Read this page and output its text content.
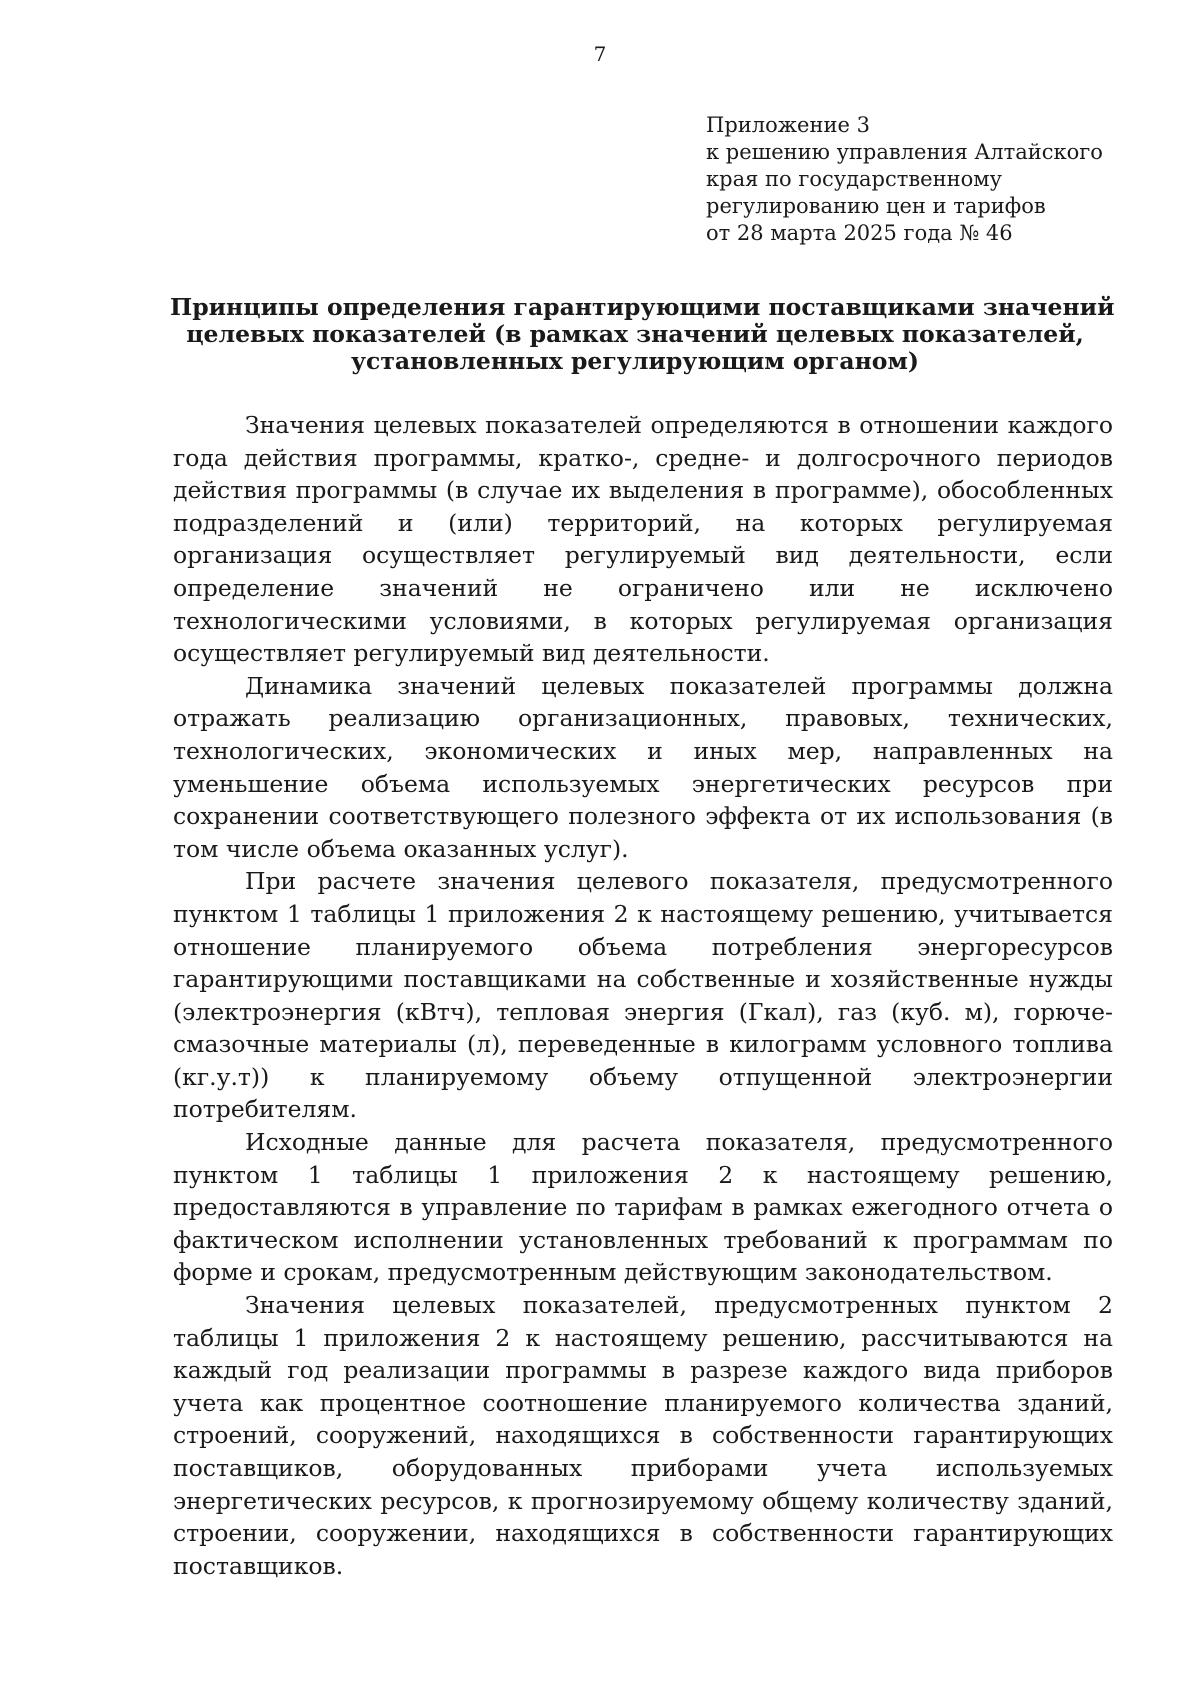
7
Приложение 3
к решению управления Алтайского
края по государственному
регулированию цен и тарифов
от 28 марта 2025 года № 46
Принципы определения гарантирующими поставщиками значений
целевых показателей (в рамках значений целевых показателей,
установленных регулирующим органом)

Значения целевых показателей определяются в отношении каждого года действия программы, кратко-, средне- и долгосрочного периодов действия программы (в случае их выделения в программе), обособленных подразделений и (или) территорий, на которых регулируемая организация осуществляет регулируемый вид деятельности, если определение значений не ограничено или не исключено технологическими условиями, в которых регулируемая организация осуществляет регулируемый вид деятельности.

Динамика значений целевых показателей программы должна отражать реализацию организационных, правовых, технических, технологических, экономических и иных мер, направленных на уменьшение объема используемых энергетических ресурсов при сохранении соответствующего полезного эффекта от их использования (в том числе объема оказанных услуг).

При расчете значения целевого показателя, предусмотренного пунктом 1 таблицы 1 приложения 2 к настоящему решению, учитывается отношение планируемого объема потребления энергоресурсов гарантирующими поставщиками на собственные и хозяйственные нужды (электроэнергия (кВтч), тепловая энергия (Гкал), газ (куб. м), горюче-смазочные материалы (л), переведенные в килограмм условного топлива (кг.у.т)) к планируемому объему отпущенной электроэнергии потребителям.

Исходные данные для расчета показателя, предусмотренного пунктом 1 таблицы 1 приложения 2 к настоящему решению, предоставляются в управление по тарифам в рамках ежегодного отчета о фактическом исполнении установленных требований к программам по форме и срокам, предусмотренным действующим законодательством.

Значения целевых показателей, предусмотренных пунктом 2 таблицы 1 приложения 2 к настоящему решению, рассчитываются на каждый год реализации программы в разрезе каждого вида приборов учета как процентное соотношение планируемого количества зданий, строений, сооружений, находящихся в собственности гарантирующих поставщиков, оборудованных приборами учета используемых энергетических ресурсов, к прогнозируемому общему количеству зданий, строении, сооружении, находящихся в собственности гарантирующих поставщиков.
